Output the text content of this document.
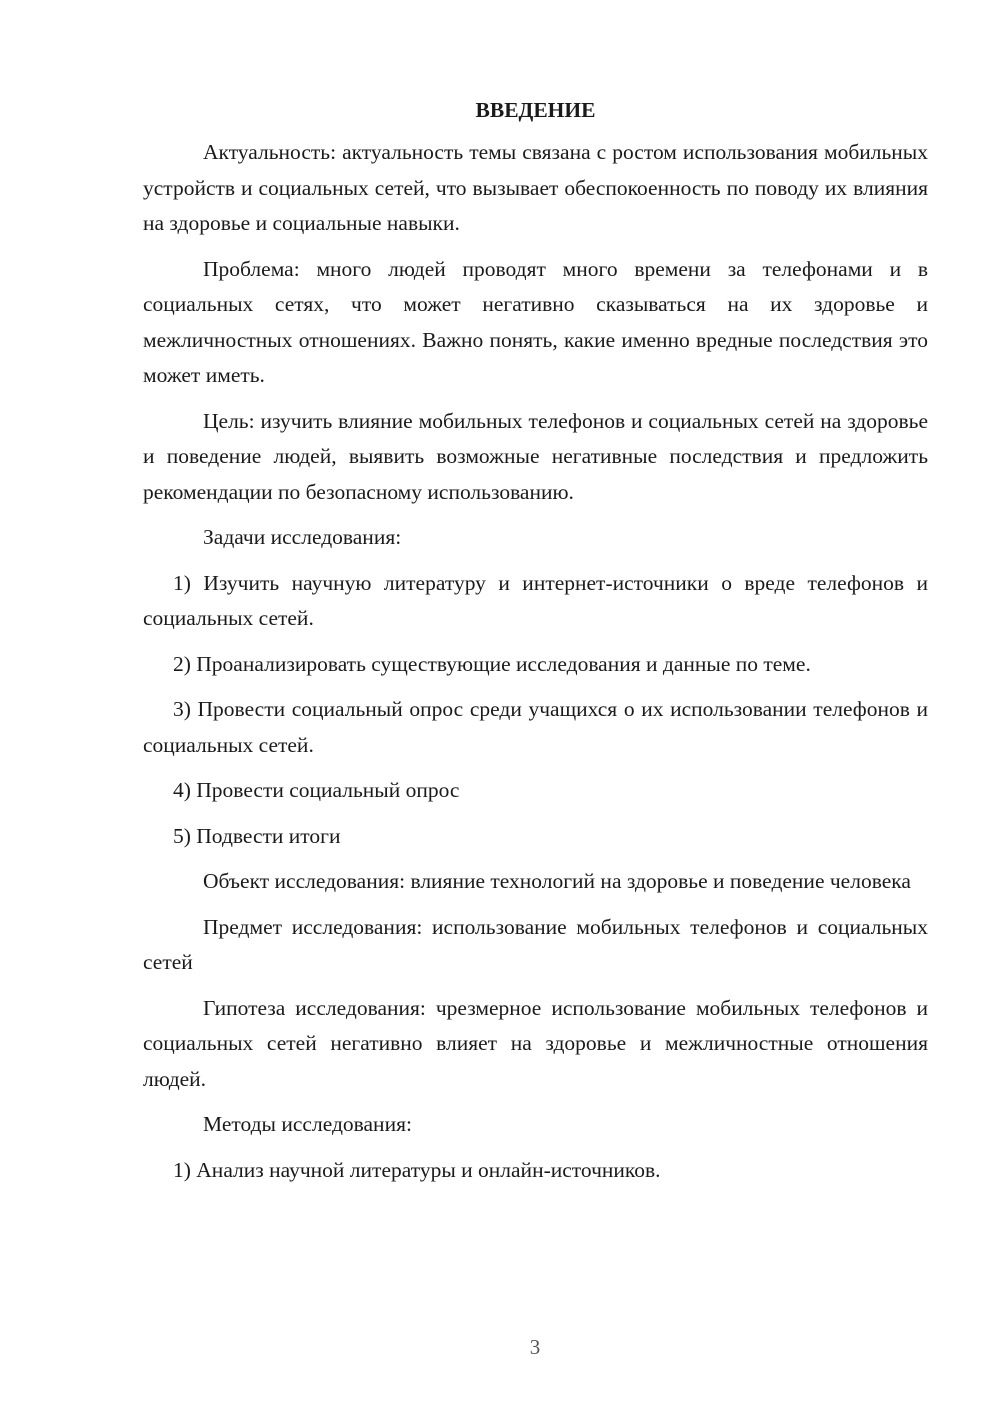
ВВЕДЕНИЕ

Актуальность: актуальность темы связана с ростом использования мобильных устройств и социальных сетей, что вызывает обеспокоенность по поводу их влияния на здоровье и социальные навыки.

Проблема: много людей проводят много времени за телефонами и в социальных сетях, что может негативно сказываться на их здоровье и межличностных отношениях. Важно понять, какие именно вредные последствия это может иметь.

Цель: изучить влияние мобильных телефонов и социальных сетей на здоровье и поведение людей, выявить возможные негативные последствия и предложить рекомендации по безопасному использованию.

Задачи исследования:

1) Изучить научную литературу и интернет-источники о вреде телефонов и социальных сетей.

2) Проанализировать существующие исследования и данные по теме.

3) Провести социальный опрос среди учащихся о их использовании телефонов и социальных сетей.

4) Провести социальный опрос

5) Подвести итоги

Объект исследования: влияние технологий на здоровье и поведение человека

Предмет исследования: использование мобильных телефонов и социальных сетей

Гипотеза исследования: чрезмерное использование мобильных телефонов и социальных сетей негативно влияет на здоровье и межличностные отношения людей.

Методы исследования:

1) Анализ научной литературы и онлайн-источников.

3
